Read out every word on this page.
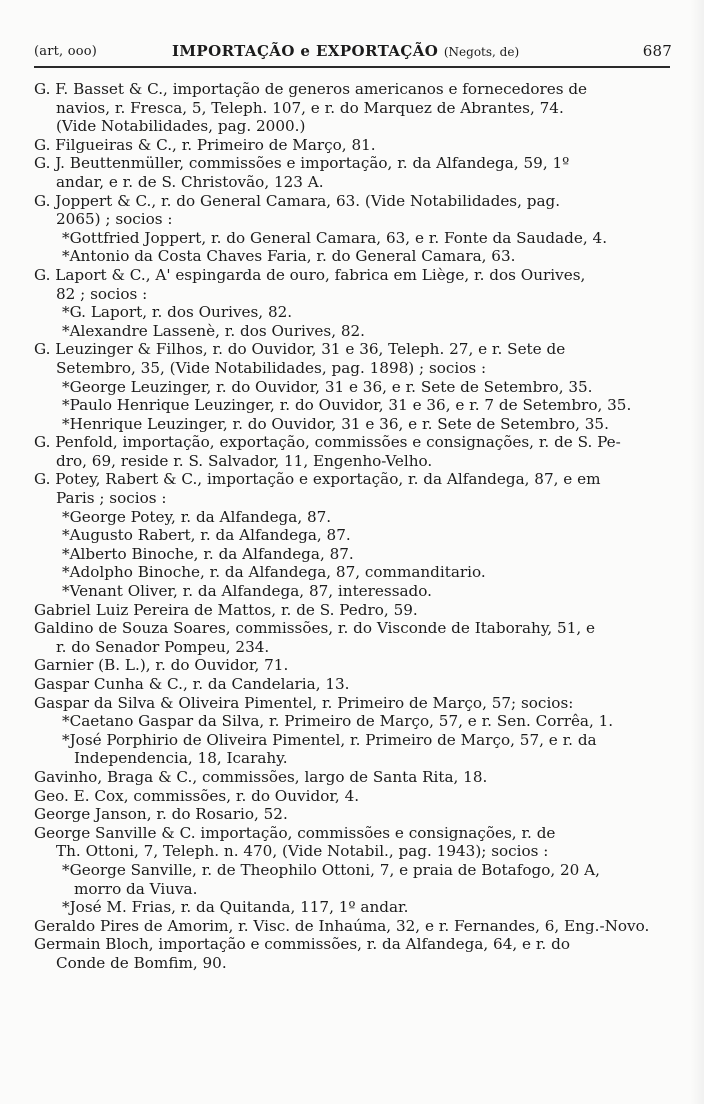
(art, ooo)	IMPORTAÇÃO e EXPORTAÇÃO (Negots, de)	687
G. F. Basset & C., importação de generos americanos e fornecedores de
navios, r. Fresca, 5, Teleph. 107, e r. do Marquez de Abrantes, 74.
(Vide Notabilidades, pag. 2000.)
G. Filgueiras & C., r. Primeiro de Março, 81.
G. J. Beuttenmüller, commissões e importação, r. da Alfandega, 59, 1º
andar, e r. de S. Christovão, 123 A.
G. Joppert & C., r. do General Camara, 63. (Vide Notabilidades, pag.
2065) ; socios :
*Gottfried Joppert, r. do General Camara, 63, e r. Fonte da Saudade, 4.
*Antonio da Costa Chaves Faria, r. do General Camara, 63.
G. Laport & C., A' espingarda de ouro, fabrica em Liège, r. dos Ourives,
82 ; socios :
*G. Laport, r. dos Ourives, 82.
*Alexandre Lassenè, r. dos Ourives, 82.
G. Leuzinger & Filhos, r. do Ouvidor, 31 e 36, Teleph. 27, e r. Sete de
Setembro, 35, (Vide Notabilidades, pag. 1898) ; socios :
*George Leuzinger, r. do Ouvidor, 31 e 36, e r. Sete de Setembro, 35.
*Paulo Henrique Leuzinger, r. do Ouvidor, 31 e 36, e r. 7 de Setembro, 35.
*Henrique Leuzinger, r. do Ouvidor, 31 e 36, e r. Sete de Setembro, 35.
G. Penfold, importação, exportação, commissões e consignações, r. de S. Pe-
dro, 69, reside r. S. Salvador, 11, Engenho-Velho.
G. Potey, Rabert & C., importação e exportação, r. da Alfandega, 87, e em
Paris ; socios :
*George Potey, r. da Alfandega, 87.
*Augusto Rabert, r. da Alfandega, 87.
*Alberto Binoche, r. da Alfandega, 87.
*Adolpho Binoche, r. da Alfandega, 87, commanditario.
*Venant Oliver, r. da Alfandega, 87, interessado.
Gabriel Luiz Pereira de Mattos, r. de S. Pedro, 59.
Galdino de Souza Soares, commissões, r. do Visconde de Itaborahy, 51, e
r. do Senador Pompeu, 234.
Garnier (B. L.), r. do Ouvidor, 71.
Gaspar Cunha & C., r. da Candelaria, 13.
Gaspar da Silva & Oliveira Pimentel, r. Primeiro de Março, 57; socios:
*Caetano Gaspar da Silva, r. Primeiro de Março, 57, e r. Sen. Corrêa, 1.
*José Porphirio de Oliveira Pimentel, r. Primeiro de Março, 57, e r. da
Independencia, 18, Icarahy.
Gavinho, Braga & C., commissões, largo de Santa Rita, 18.
Geo. E. Cox, commissões, r. do Ouvidor, 4.
George Janson, r. do Rosario, 52.
George Sanville & C. importação, commissões e consignações, r. de
Th. Ottoni, 7, Teleph. n. 470, (Vide Notabil., pag. 1943); socios :
*George Sanville, r. de Theophilo Ottoni, 7, e praia de Botafogo, 20 A,
morro da Viuva.
*José M. Frias, r. da Quitanda, 117, 1º andar.
Geraldo Pires de Amorim, r. Visc. de Inhaúma, 32, e r. Fernandes, 6, Eng.-Novo.
Germain Bloch, importação e commissões, r. da Alfandega, 64, e r. do
Conde de Bomfim, 90.
